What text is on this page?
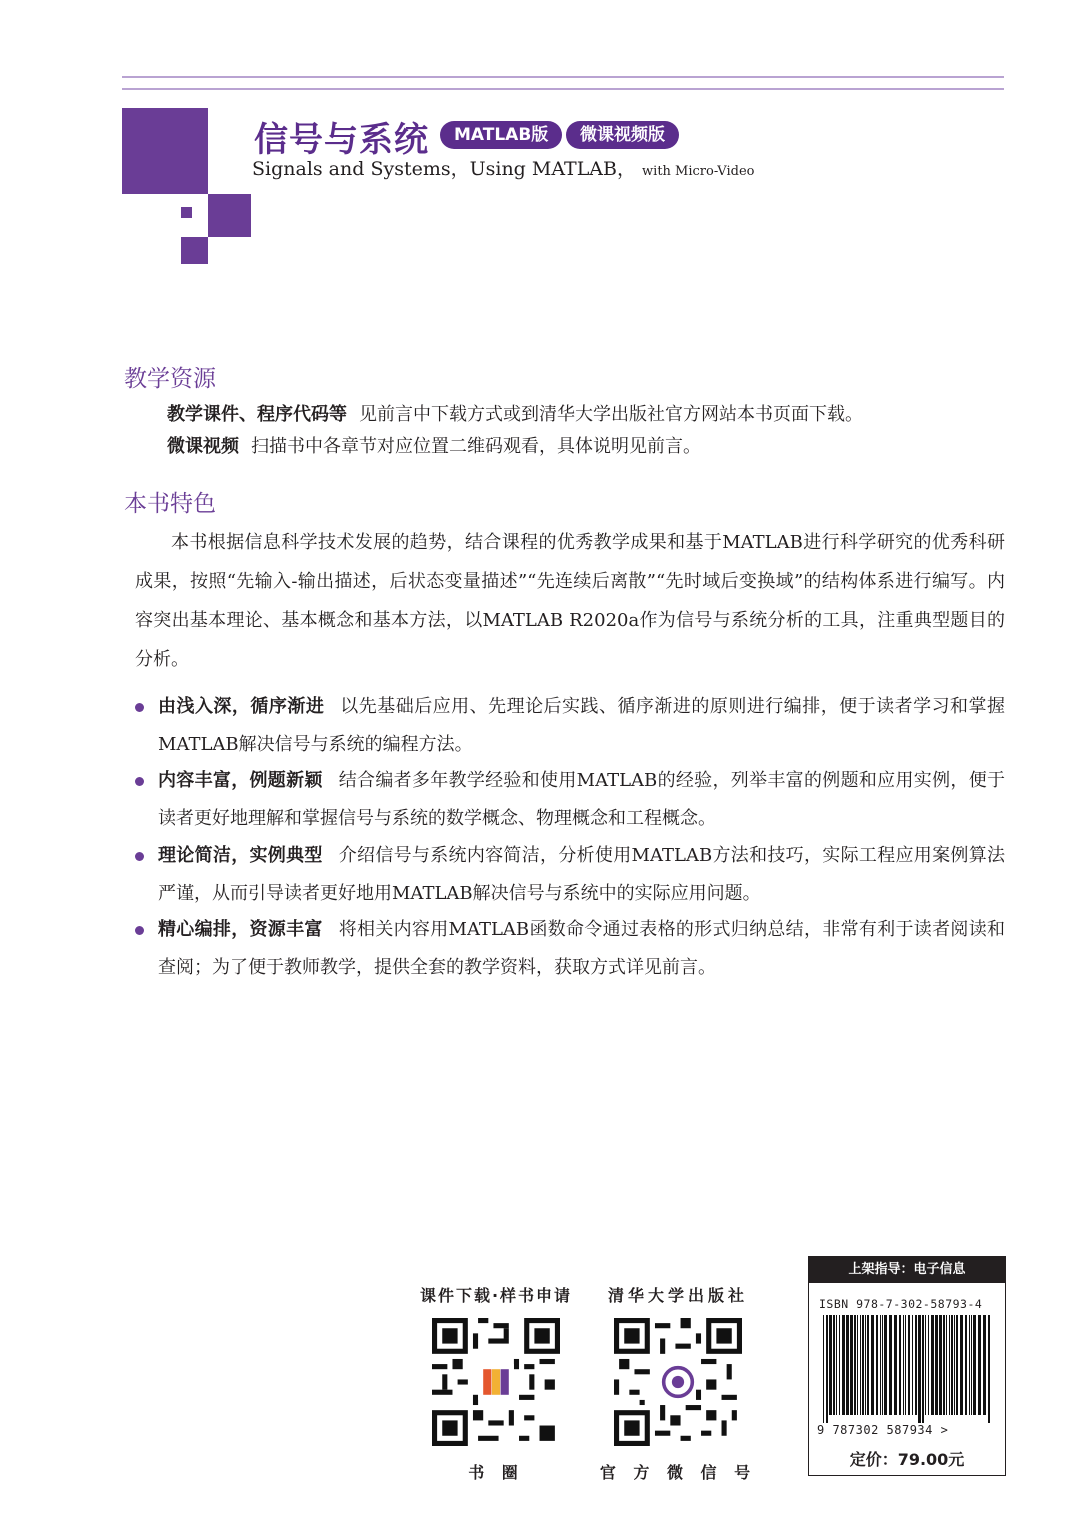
信号与系统	MATLAB版	微课视频版
Signals and Systems，Using MATLAB， with Micro-Video
教学资源
教学课件、程序代码等 见前言中下载方式或到清华大学出版社官方网站本书页面下载。
微课视频 扫描书中各章节对应位置二维码观看，具体说明见前言。
本书特色
本书根据信息科学技术发展的趋势，结合课程的优秀教学成果和基于MATLAB进行科学研究的优秀科研成果，按照“先输入-输出描述，后状态变量描述”“先连续后离散”“先时域后变换域”的结构体系进行编写。内容突出基本理论、基本概念和基本方法，以MATLAB R2020a作为信号与系统分析的工具，注重典型题目的分析。
由浅入深，循序渐进 以先基础后应用、先理论后实践、循序渐进的原则进行编排，便于读者学习和掌握MATLAB解决信号与系统的编程方法。
内容丰富，例题新颖 结合编者多年教学经验和使用MATLAB的经验，列举丰富的例题和应用实例，便于读者更好地理解和掌握信号与系统的数学概念、物理概念和工程概念。
理论简洁，实例典型 介绍信号与系统内容简洁，分析使用MATLAB方法和技巧，实际工程应用案例算法严谨，从而引导读者更好地用MATLAB解决信号与系统中的实际应用问题。
精心编排，资源丰富 将相关内容用MATLAB函数命令通过表格的形式归纳总结，非常有利于读者阅读和查阅；为了便于教师教学，提供全套的教学资料，获取方式详见前言。
课件下载·样书申请
书 圈
清华大学出版社
官 方 微 信 号
上架指导：电子信息
ISBN 978-7-302-58793-4
9 787302 587934 >
定价：79.00元
